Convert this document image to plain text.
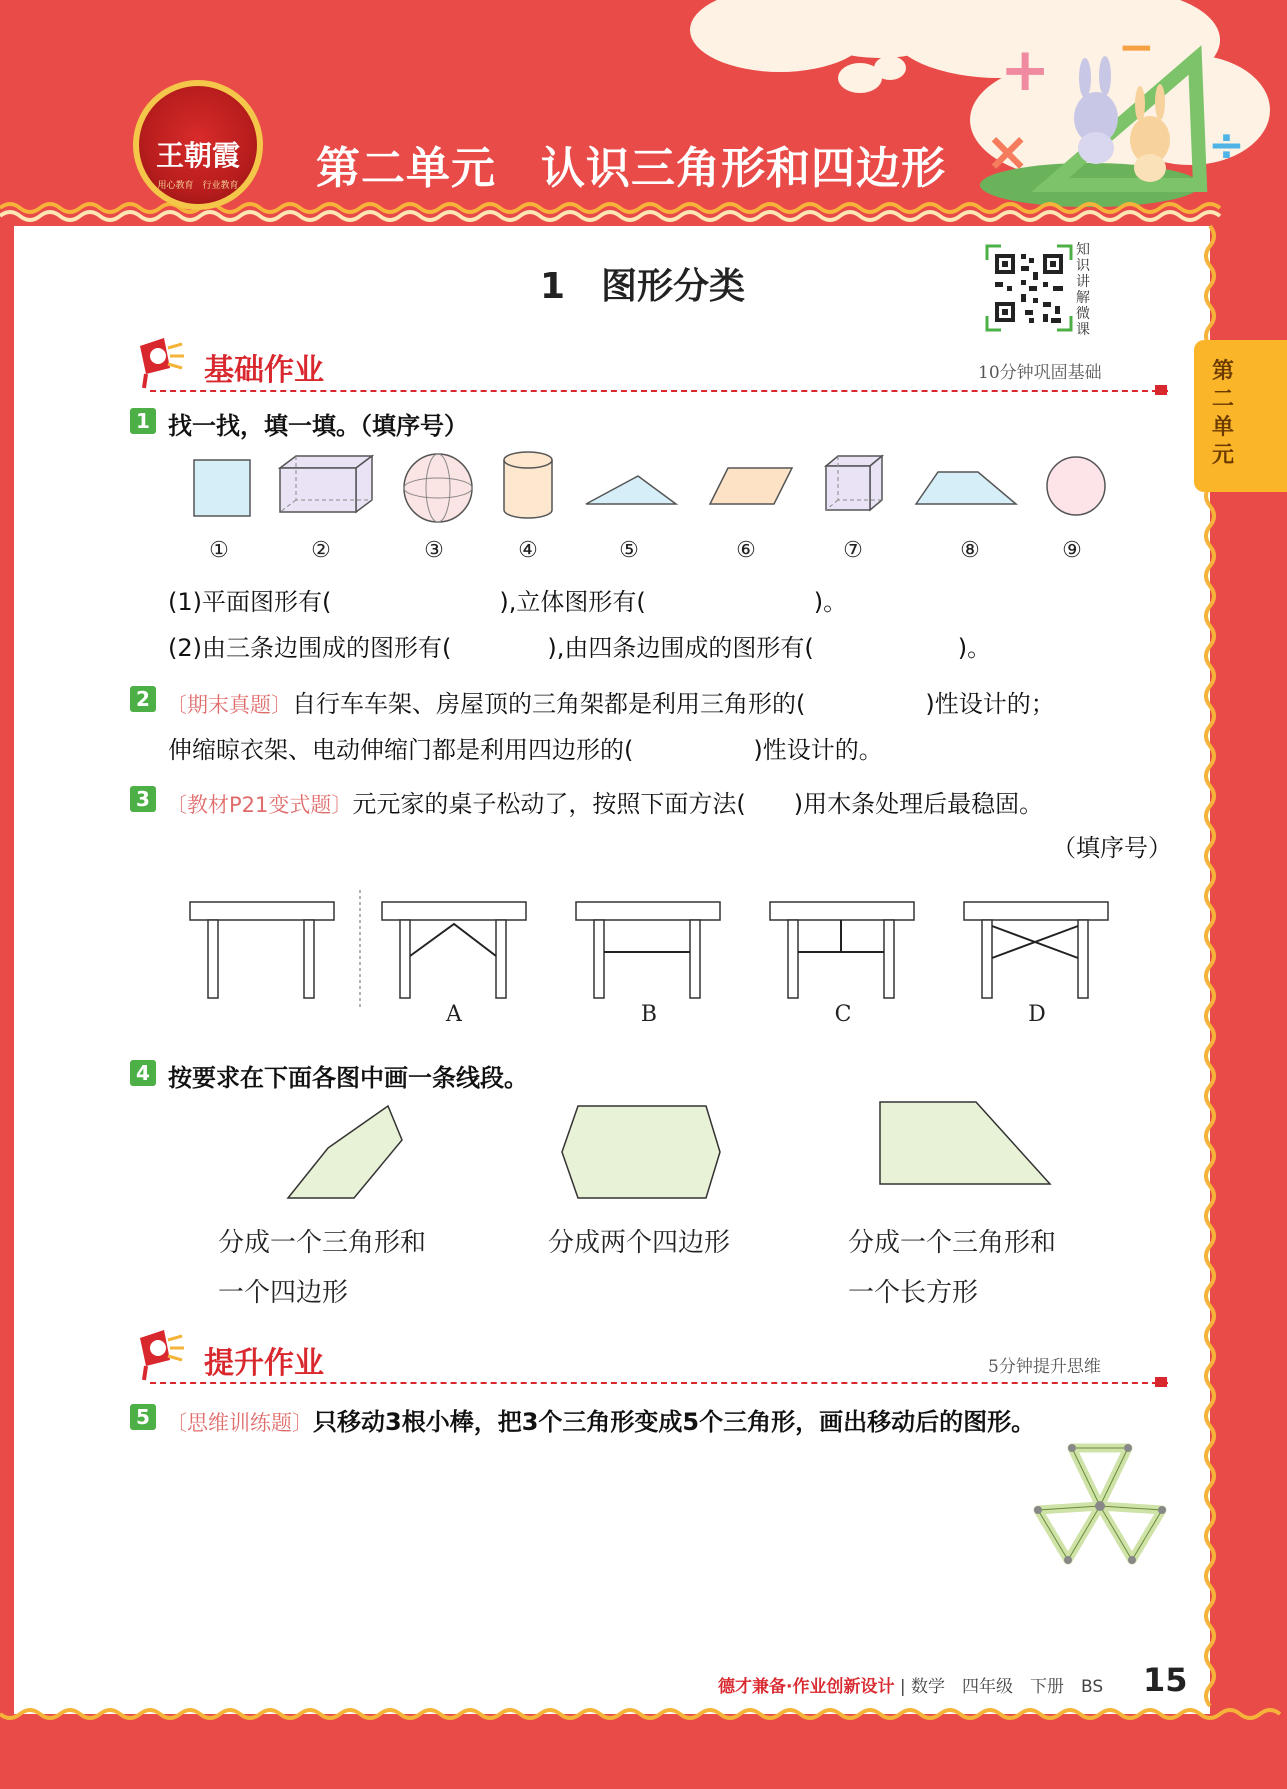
+
×
−
÷
王朝霞
用心教育　行业教育	第二单元　认识三角形和四边形
1　图形分类
知识讲解微课
第二单元
基础作业	10分钟巩固基础
1 找一找，填一填。（填序号）
①	②	③	④	⑤	⑥	⑦	⑧	⑨
(1)平面图形有(　　　　　　　),立体图形有(　　　　　　　)。
(2)由三条边围成的图形有(　　　　),由四条边围成的图形有(　　　　　　)。
2 〔期末真题〕自行车车架、房屋顶的三角架都是利用三角形的(　　　　　)性设计的；
伸缩晾衣架、电动伸缩门都是利用四边形的(　　　　　)性设计的。
3 〔教材P21变式题〕元元家的桌子松动了，按照下面方法(　　)用木条处理后最稳固。
（填序号）
A	B	C	D
4 按要求在下面各图中画一条线段。
分成一个三角形和
一个四边形
分成两个四边形	分成一个三角形和
一个长方形
提升作业	5分钟提升思维
5 〔思维训练题〕只移动3根小棒，把3个三角形变成5个三角形，画出移动后的图形。
德才兼备·作业创新设计 | 数学　四年级　下册　BS 15
